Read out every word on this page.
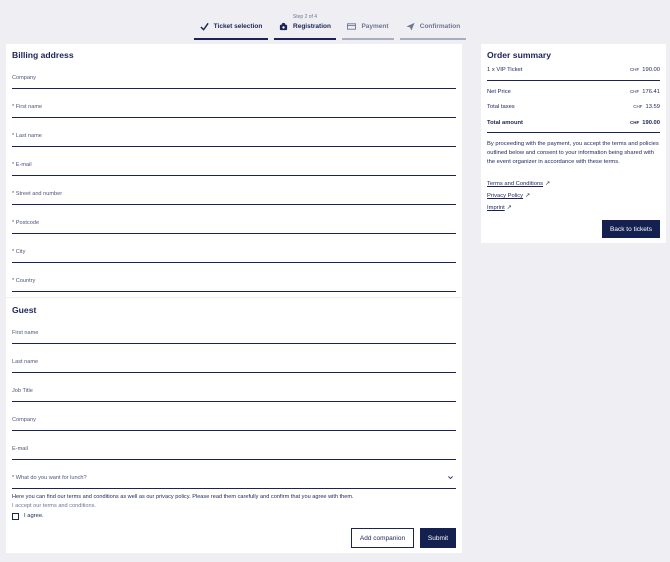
Ticket selection
Step 2 of 4
Registration	Payment	Confirmation
Billing address
Company
* First name
* Last name
* E-mail
* Street and number
* Postcode
* City
* Country
Guest
First name
Last name
Job Title
Company
E-mail
* What do you want for lunch?
Here you can find our terms and conditions as well as our privacy policy. Please read them carefully and confirm that you agree with them.
I accept our terms and conditions.
I agree.
Add companion	Submit
Order summary
1 x VIP Ticket	CHF 190.00
Net Price	CHF 176.41
Total taxes	CHF 13.59
Total amount	CHF 190.00
By proceeding with the payment, you accept the terms and policies outlined below and consent to your information being shared with the event organizer in accordance with these terms.
Terms and Conditions ↗
Privacy Policy ↗
Imprint ↗
Back to tickets
